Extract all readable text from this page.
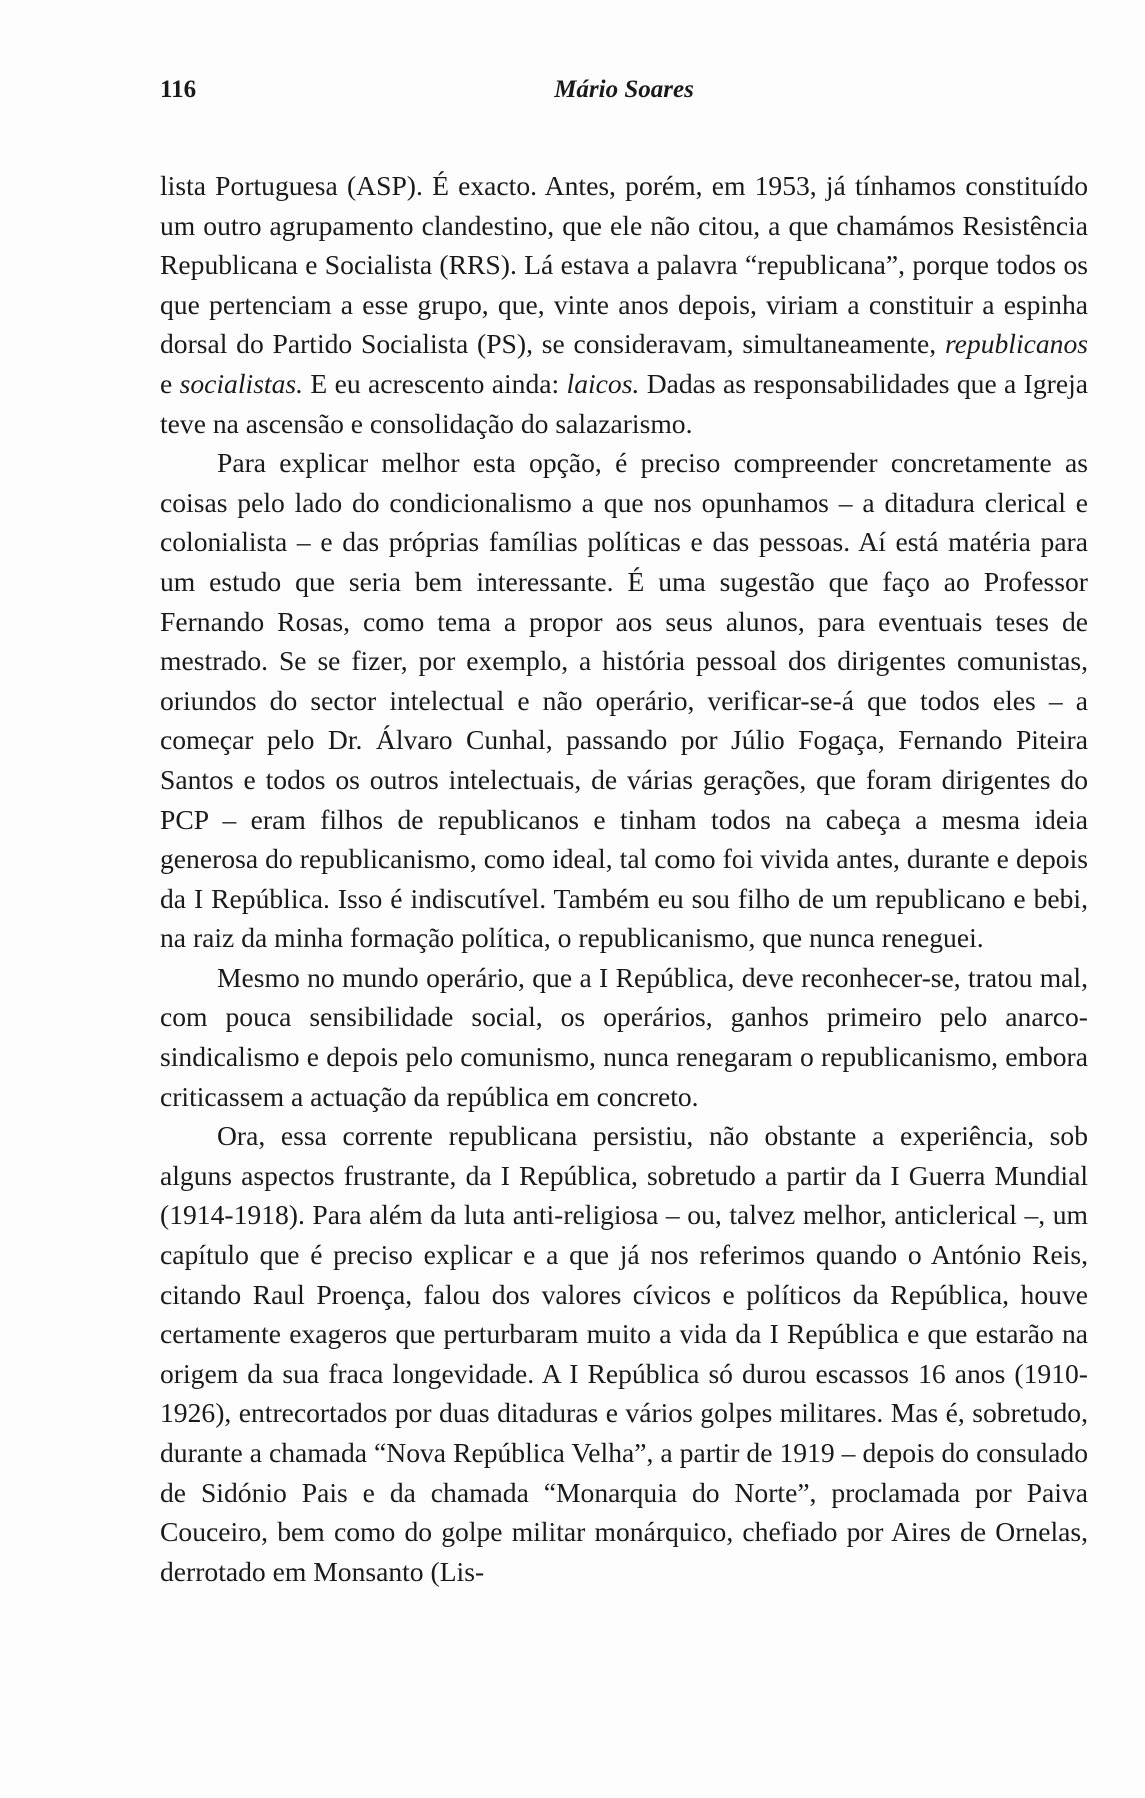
116	Mário Soares

lista Portuguesa (ASP). É exacto. Antes, porém, em 1953, já tínhamos constituído um outro agrupamento clandestino, que ele não citou, a que chamámos Resistência Republicana e Socialista (RRS). Lá estava a palavra “republicana”, porque todos os que pertenciam a esse grupo, que, vinte anos depois, viriam a constituir a espinha dorsal do Partido Socialista (PS), se consideravam, simultaneamente, republicanos e socialistas. E eu acrescento ainda: laicos. Dadas as responsabilidades que a Igreja teve na ascensão e consolidação do salazarismo.

Para explicar melhor esta opção, é preciso compreender concretamente as coisas pelo lado do condicionalismo a que nos opunhamos – a ditadura clerical e colonialista – e das próprias famílias políticas e das pessoas. Aí está matéria para um estudo que seria bem interessante. É uma sugestão que faço ao Professor Fernando Rosas, como tema a propor aos seus alunos, para eventuais teses de mestrado. Se se fizer, por exemplo, a história pessoal dos dirigentes comunistas, oriundos do sector intelectual e não operário, verificar-se-á que todos eles – a começar pelo Dr. Álvaro Cunhal, passando por Júlio Fogaça, Fernando Piteira Santos e todos os outros intelectuais, de várias gerações, que foram dirigentes do PCP – eram filhos de republicanos e tinham todos na cabeça a mesma ideia generosa do republicanismo, como ideal, tal como foi vivida antes, durante e depois da I República. Isso é indiscutível. Também eu sou filho de um republicano e bebi, na raiz da minha formação política, o republicanismo, que nunca reneguei.

Mesmo no mundo operário, que a I República, deve reconhecer-se, tratou mal, com pouca sensibilidade social, os operários, ganhos primeiro pelo anarco-sindicalismo e depois pelo comunismo, nunca renegaram o republicanismo, embora criticassem a actuação da república em concreto.

Ora, essa corrente republicana persistiu, não obstante a experiência, sob alguns aspectos frustrante, da I República, sobretudo a partir da I Guerra Mundial (1914-1918). Para além da luta anti-religiosa – ou, talvez melhor, anticlerical –, um capítulo que é preciso explicar e a que já nos referimos quando o António Reis, citando Raul Proença, falou dos valores cívicos e políticos da República, houve certamente exageros que perturbaram muito a vida da I República e que estarão na origem da sua fraca longevidade. A I República só durou escassos 16 anos (1910-1926), entrecortados por duas ditaduras e vários golpes militares. Mas é, sobretudo, durante a chamada “Nova República Velha”, a partir de 1919 – depois do consulado de Sidónio Pais e da chamada “Monarquia do Norte”, proclamada por Paiva Couceiro, bem como do golpe militar monárquico, chefiado por Aires de Ornelas, derrotado em Monsanto (Lis-
